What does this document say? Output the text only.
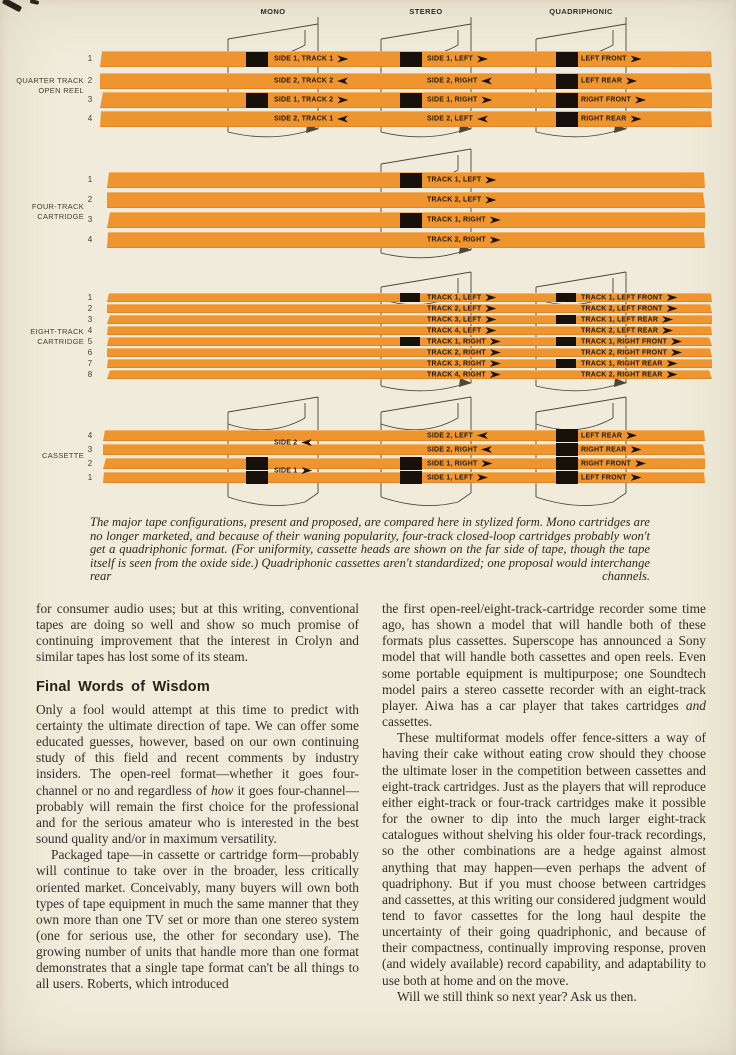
MONO	STEREO	QUADRIPHONIC
1
2
3
4
QUARTER TRACK
OPEN REEL
SIDE 1, TRACK 1
SIDE 2, TRACK 2
SIDE 1, TRACK 2
SIDE 2, TRACK 1
SIDE 1, LEFT
SIDE 2, RIGHT
SIDE 1, RIGHT
SIDE 2, LEFT
LEFT FRONT
LEFT REAR
RIGHT FRONT
RIGHT REAR
1
2
3
4
FOUR-TRACK
CARTRIDGE
TRACK 1, LEFT
TRACK 2, LEFT
TRACK 1, RIGHT
TRACK 2, RIGHT
1
2
3
4
5
6
7
8
EIGHT-TRACK
CARTRIDGE
TRACK 1, LEFT
TRACK 2, LEFT
TRACK 3, LEFT
TRACK 4, LEFT
TRACK 1, RIGHT
TRACK 2, RIGHT
TRACK 3, RIGHT
TRACK 4, RIGHT
TRACK 1, LEFT FRONT
TRACK 2, LEFT FRONT
TRACK 1, LEFT REAR
TRACK 2, LEFT REAR
TRACK 1, RIGHT FRONT
TRACK 2, RIGHT FRONT
TRACK 1, RIGHT REAR
TRACK 2, RIGHT REAR
4
3
2
1
CASSETTE
SIDE 2
SIDE 1
SIDE 2, LEFT
SIDE 2, RIGHT
SIDE 1, RIGHT
SIDE 1, LEFT
LEFT REAR
RIGHT REAR
RIGHT FRONT
LEFT FRONT
The major tape configurations, present and proposed, are compared here in stylized form. Mono cartridges are no longer marketed, and because of their waning popularity, four-track closed-loop cartridges probably won't get a quadriphonic format. (For uniformity, cassette heads are shown on the far side of tape, though the tape itself is seen from the oxide side.) Quadriphonic cassettes aren't standardized; one proposal would interchange rear channels.

for consumer audio uses; but at this writing, conventional tapes are doing so well and show so much promise of continuing improvement that the interest in Crolyn and similar tapes has lost some of its steam.

Final Words of Wisdom

Only a fool would attempt at this time to predict with certainty the ultimate direction of tape. We can offer some educated guesses, however, based on our own continuing study of this field and recent comments by industry insiders. The open-reel format—whether it goes four-channel or no and regardless of how it goes four-channel—probably will remain the first choice for the professional and for the serious amateur who is interested in the best sound quality and/or in maximum versatility.

Packaged tape—in cassette or cartridge form—probably will continue to take over in the broader, less critically oriented market. Conceivably, many buyers will own both types of tape equipment in much the same manner that they own more than one TV set or more than one stereo system (one for serious use, the other for secondary use). The growing number of units that handle more than one format demonstrates that a single tape format can't be all things to all users. Roberts, which introduced

the first open-reel/eight-track-cartridge recorder some time ago, has shown a model that will handle both of these formats plus cassettes. Superscope has announced a Sony model that will handle both cassettes and open reels. Even some portable equipment is multipurpose; one Soundtech model pairs a stereo cassette recorder with an eight-track player. Aiwa has a car player that takes cartridges and cassettes.

These multiformat models offer fence-sitters a way of having their cake without eating crow should they choose the ultimate loser in the competition between cassettes and eight-track cartridges. Just as the players that will reproduce either eight-track or four-track cartridges make it possible for the owner to dip into the much larger eight-track catalogues without shelving his older four-track recordings, so the other combinations are a hedge against almost anything that may happen—even perhaps the advent of quadriphony. But if you must choose between cartridges and cassettes, at this writing our considered judgment would tend to favor cassettes for the long haul despite the uncertainty of their going quadriphonic, and because of their compactness, continually improving response, proven (and widely available) record capability, and adaptability to use both at home and on the move.

Will we still think so next year? Ask us then.
